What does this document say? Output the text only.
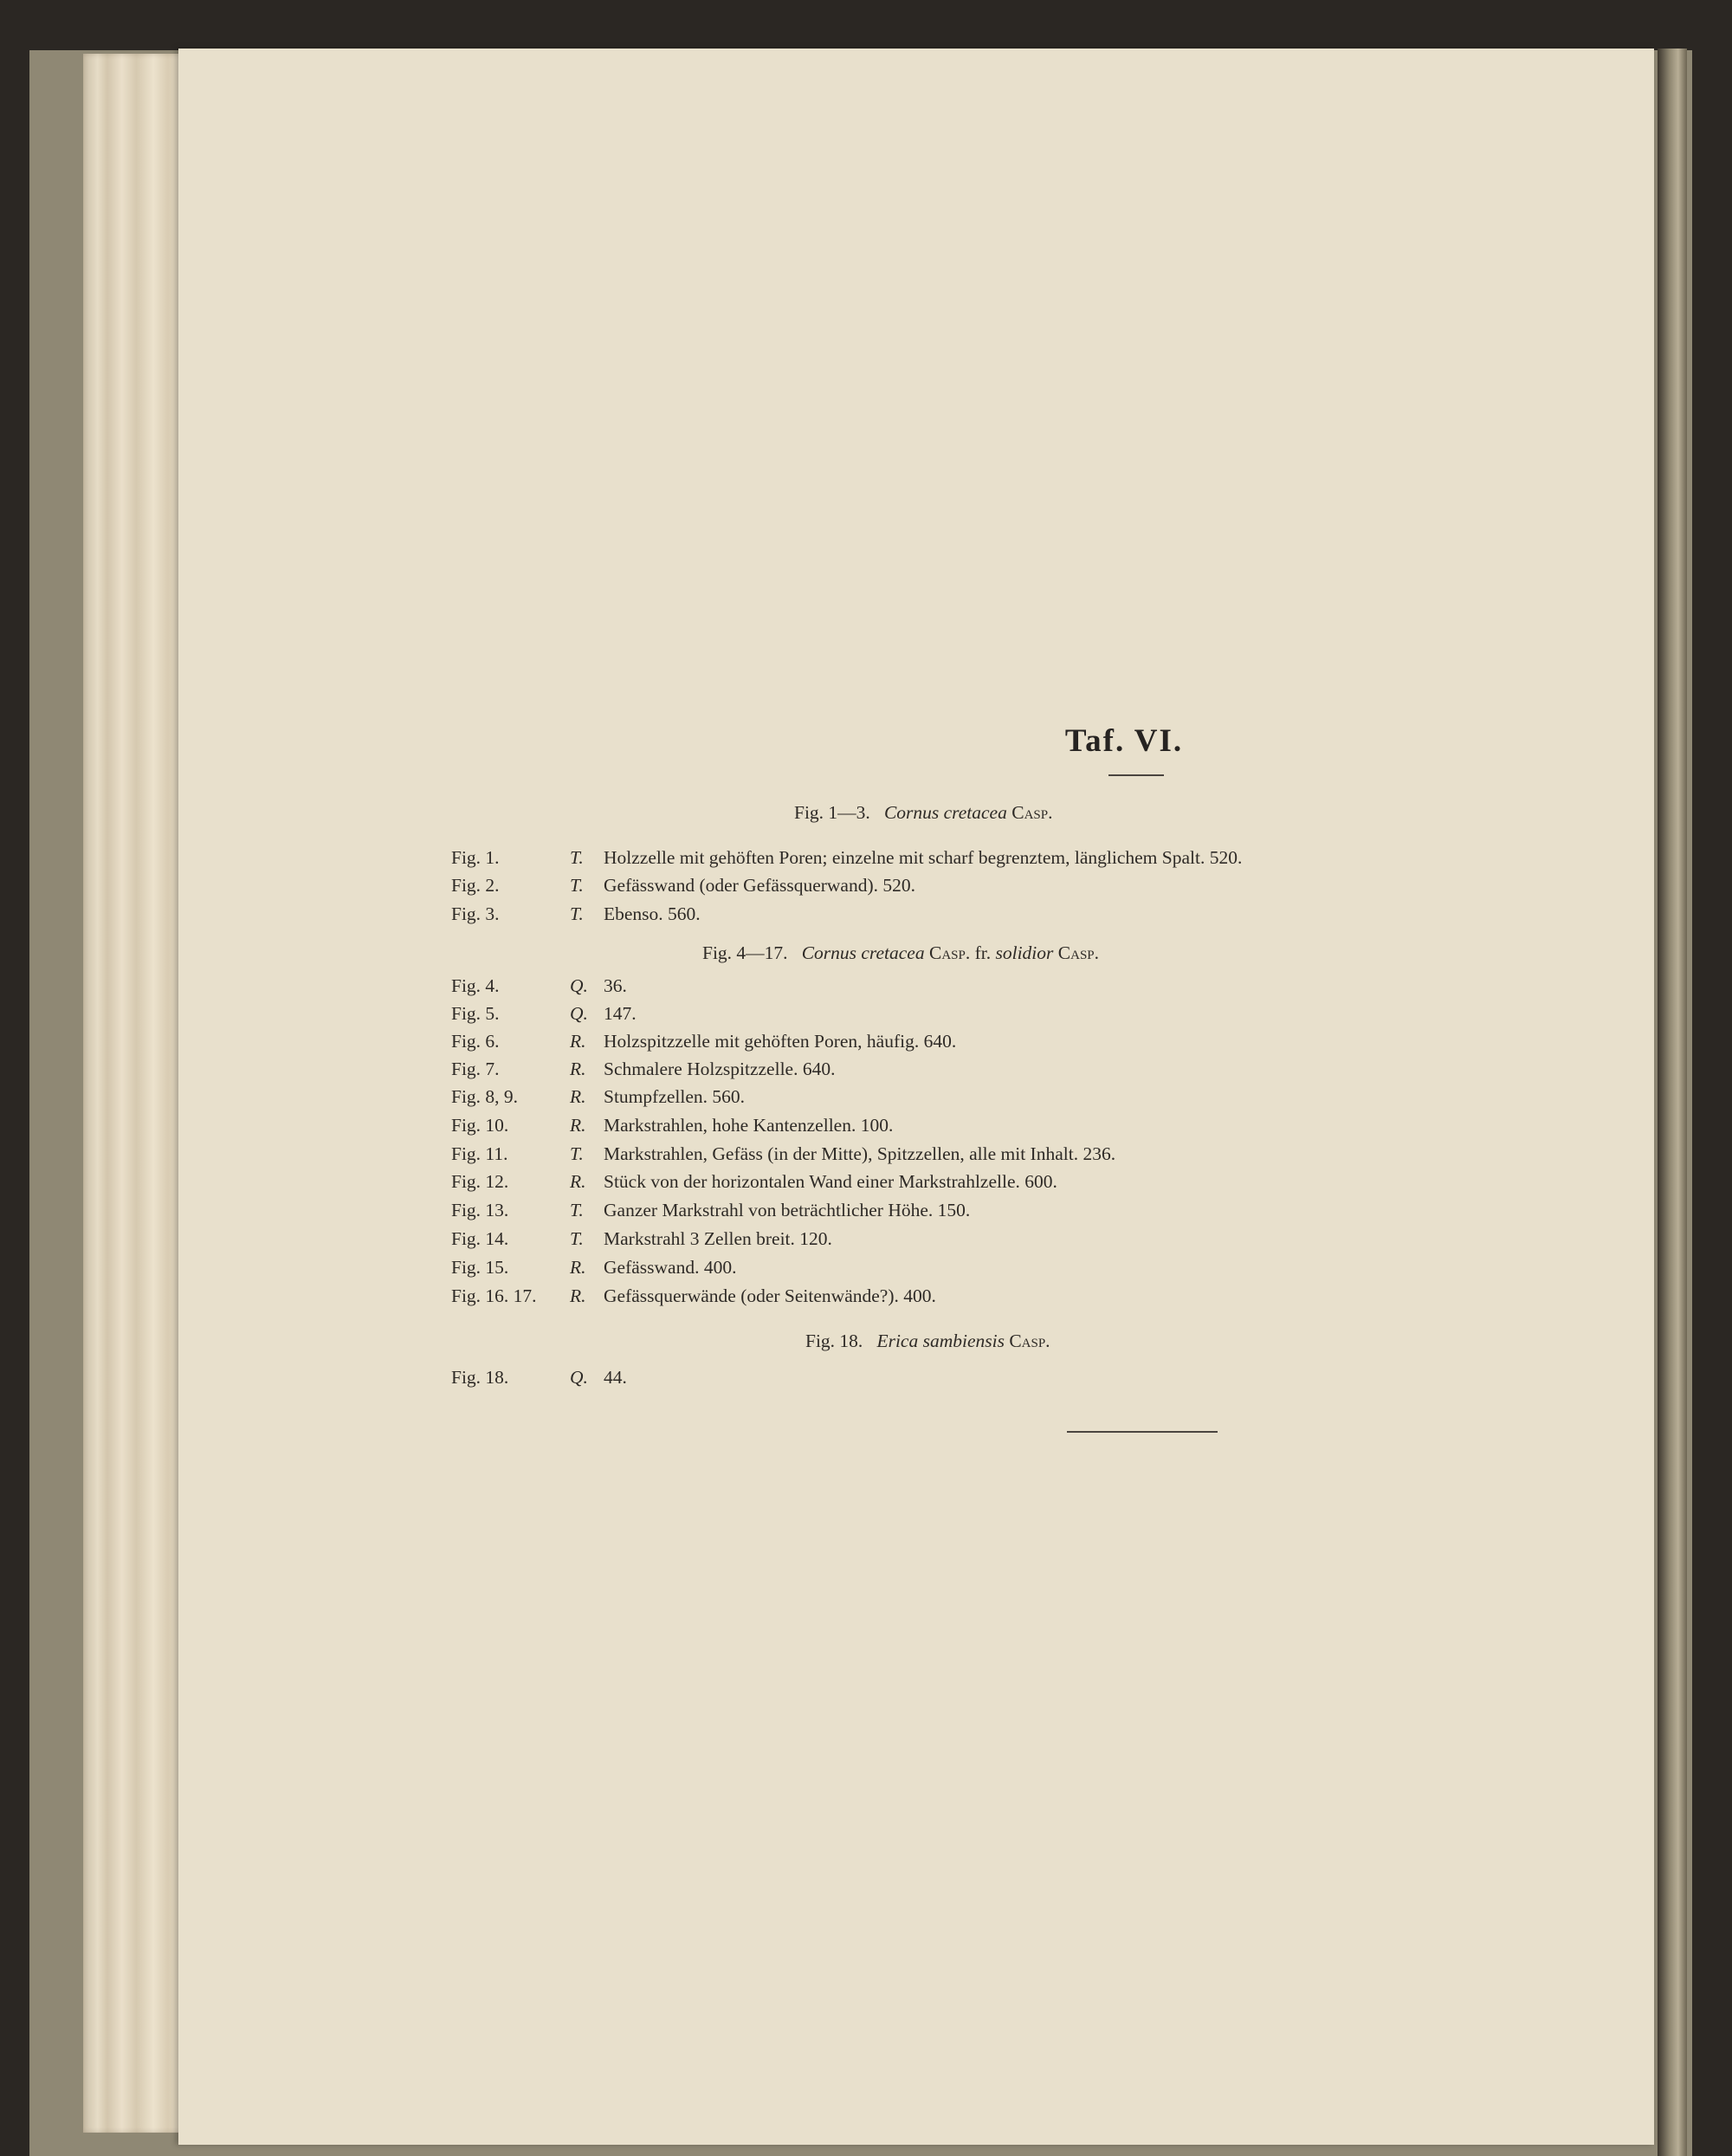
Taf. VI.
Fig. 1—3. Cornus cretacea Casp.
Fig. 1.	T. Holzzelle mit gehöften Poren; einzelne mit scharf begrenztem, länglichem Spalt. 520.
Fig. 2.	T. Gefässwand (oder Gefässquerwand). 520.
Fig. 3.	T. Ebenso. 560.
Fig. 4—17. Cornus cretacea Casp. fr. solidior Casp.
Fig. 4.	Q. 36.
Fig. 5.	Q. 147.
Fig. 6.	R. Holzspitzzelle mit gehöften Poren, häufig. 640.
Fig. 7.	R. Schmalere Holzspitzzelle. 640.
Fig. 8, 9.	R. Stumpfzellen. 560.
Fig. 10.	R. Markstrahlen, hohe Kantenzellen. 100.
Fig. 11.	T. Markstrahlen, Gefäss (in der Mitte), Spitzzellen, alle mit Inhalt. 236.
Fig. 12.	R. Stück von der horizontalen Wand einer Markstrahlzelle. 600.
Fig. 13.	T. Ganzer Markstrahl von beträchtlicher Höhe. 150.
Fig. 14.	T. Markstrahl 3 Zellen breit. 120.
Fig. 15.	R. Gefässwand. 400.
Fig. 16. 17. R. Gefässquerwände (oder Seitenwände?). 400.
Fig. 18. Erica sambiensis Casp.
Fig. 18.	Q. 44.
